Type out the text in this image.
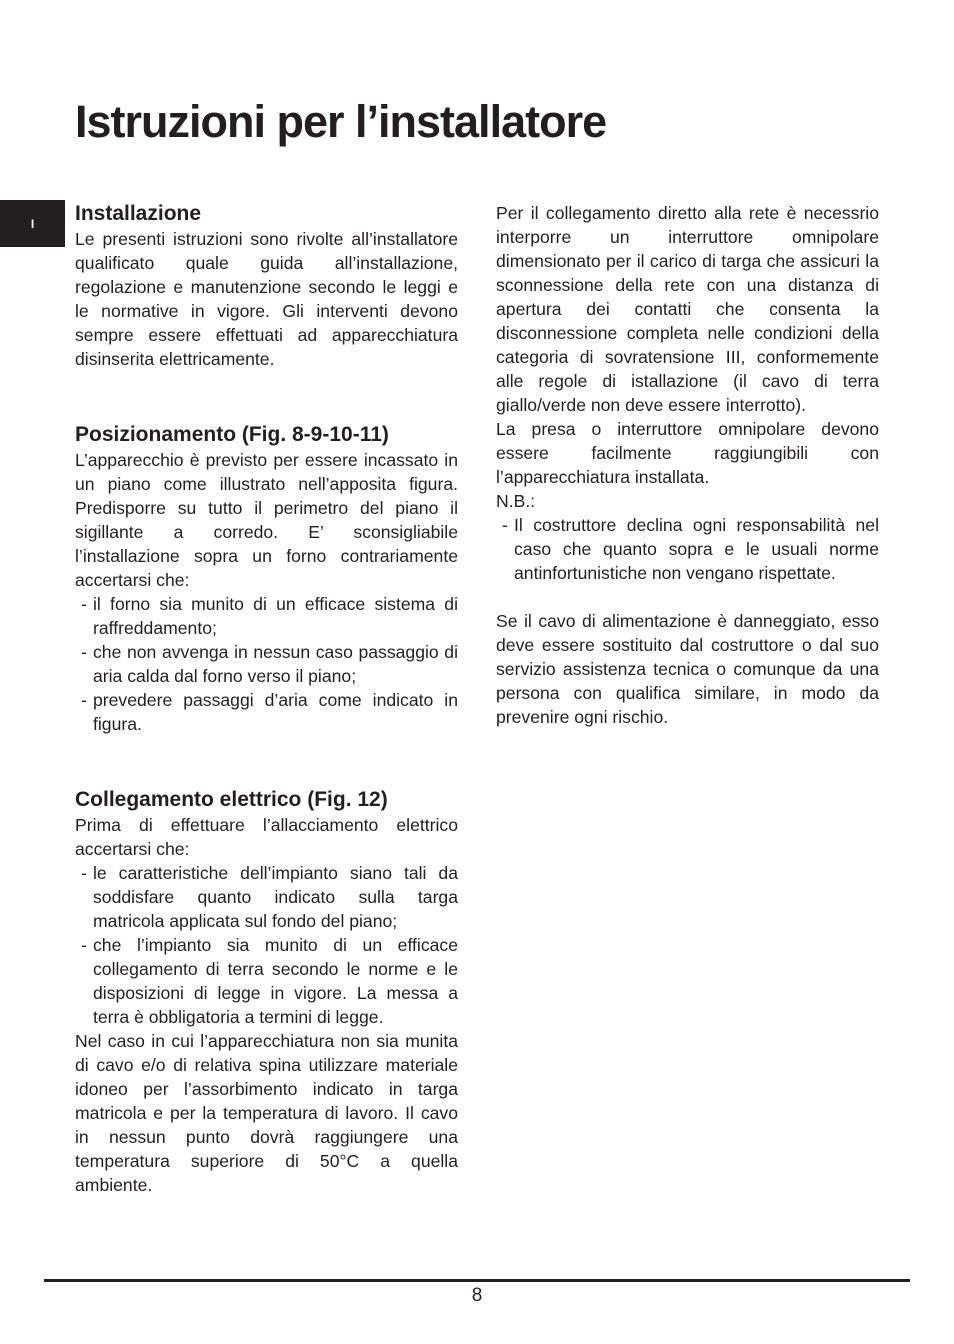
Istruzioni per l’installatore
I Installazione

Le presenti istruzioni sono rivolte all’installatore qualificato quale guida all’installazione, regolazione e manutenzione secondo le leggi e le normative in vigore. Gli interventi devono sempre essere effettuati ad apparecchiatura disinserita elettricamente.

Posizionamento (Fig. 8-9-10-11)

L’apparecchio è previsto per essere incassato in un piano come illustrato nell’apposita figura. Predisporre su tutto il perimetro del piano il sigillante a corredo. E’ sconsigliabile l’installazione sopra un forno contrariamente accertarsi che:

- il forno sia munito di un efficace sistema di raffreddamento;
- che non avvenga in nessun caso passaggio di aria calda dal forno verso il piano;
- prevedere passaggi d’aria come indicato in figura.
Collegamento elettrico (Fig. 12)

Prima di effettuare l’allacciamento elettrico accertarsi che:

- le caratteristiche dell’impianto siano tali da soddisfare quanto indicato sulla targa matricola applicata sul fondo del piano;
- che l’impianto sia munito di un efficace collegamento di terra secondo le norme e le disposizioni di legge in vigore. La messa a terra è obbligatoria a termini di legge.

Nel caso in cui l’apparecchiatura non sia munita di cavo e/o di relativa spina utilizzare materiale idoneo per l’assorbimento indicato in targa matricola e per la temperatura di lavoro. Il cavo in nessun punto dovrà raggiungere una temperatura superiore di 50°C a quella ambiente.

Per il collegamento diretto alla rete è necessrio interporre un interruttore omnipolare dimensionato per il carico di targa che assicuri la sconnessione della rete con una distanza di apertura dei contatti che consenta la disconnessione completa nelle condizioni della categoria di sovratensione III, conformemente alle regole di istallazione (il cavo di terra giallo/verde non deve essere interrotto).

La presa o interruttore omnipolare devono essere facilmente raggiungibili con l’apparecchiatura installata.

N.B.:

- Il costruttore declina ogni responsabilità nel caso che quanto sopra e le usuali norme antinfortunistiche non vengano rispettate.

Se il cavo di alimentazione è danneggiato, esso deve essere sostituito dal costruttore o dal suo servizio assistenza tecnica o comunque da una persona con qualifica similare, in modo da prevenire ogni rischio.

8
